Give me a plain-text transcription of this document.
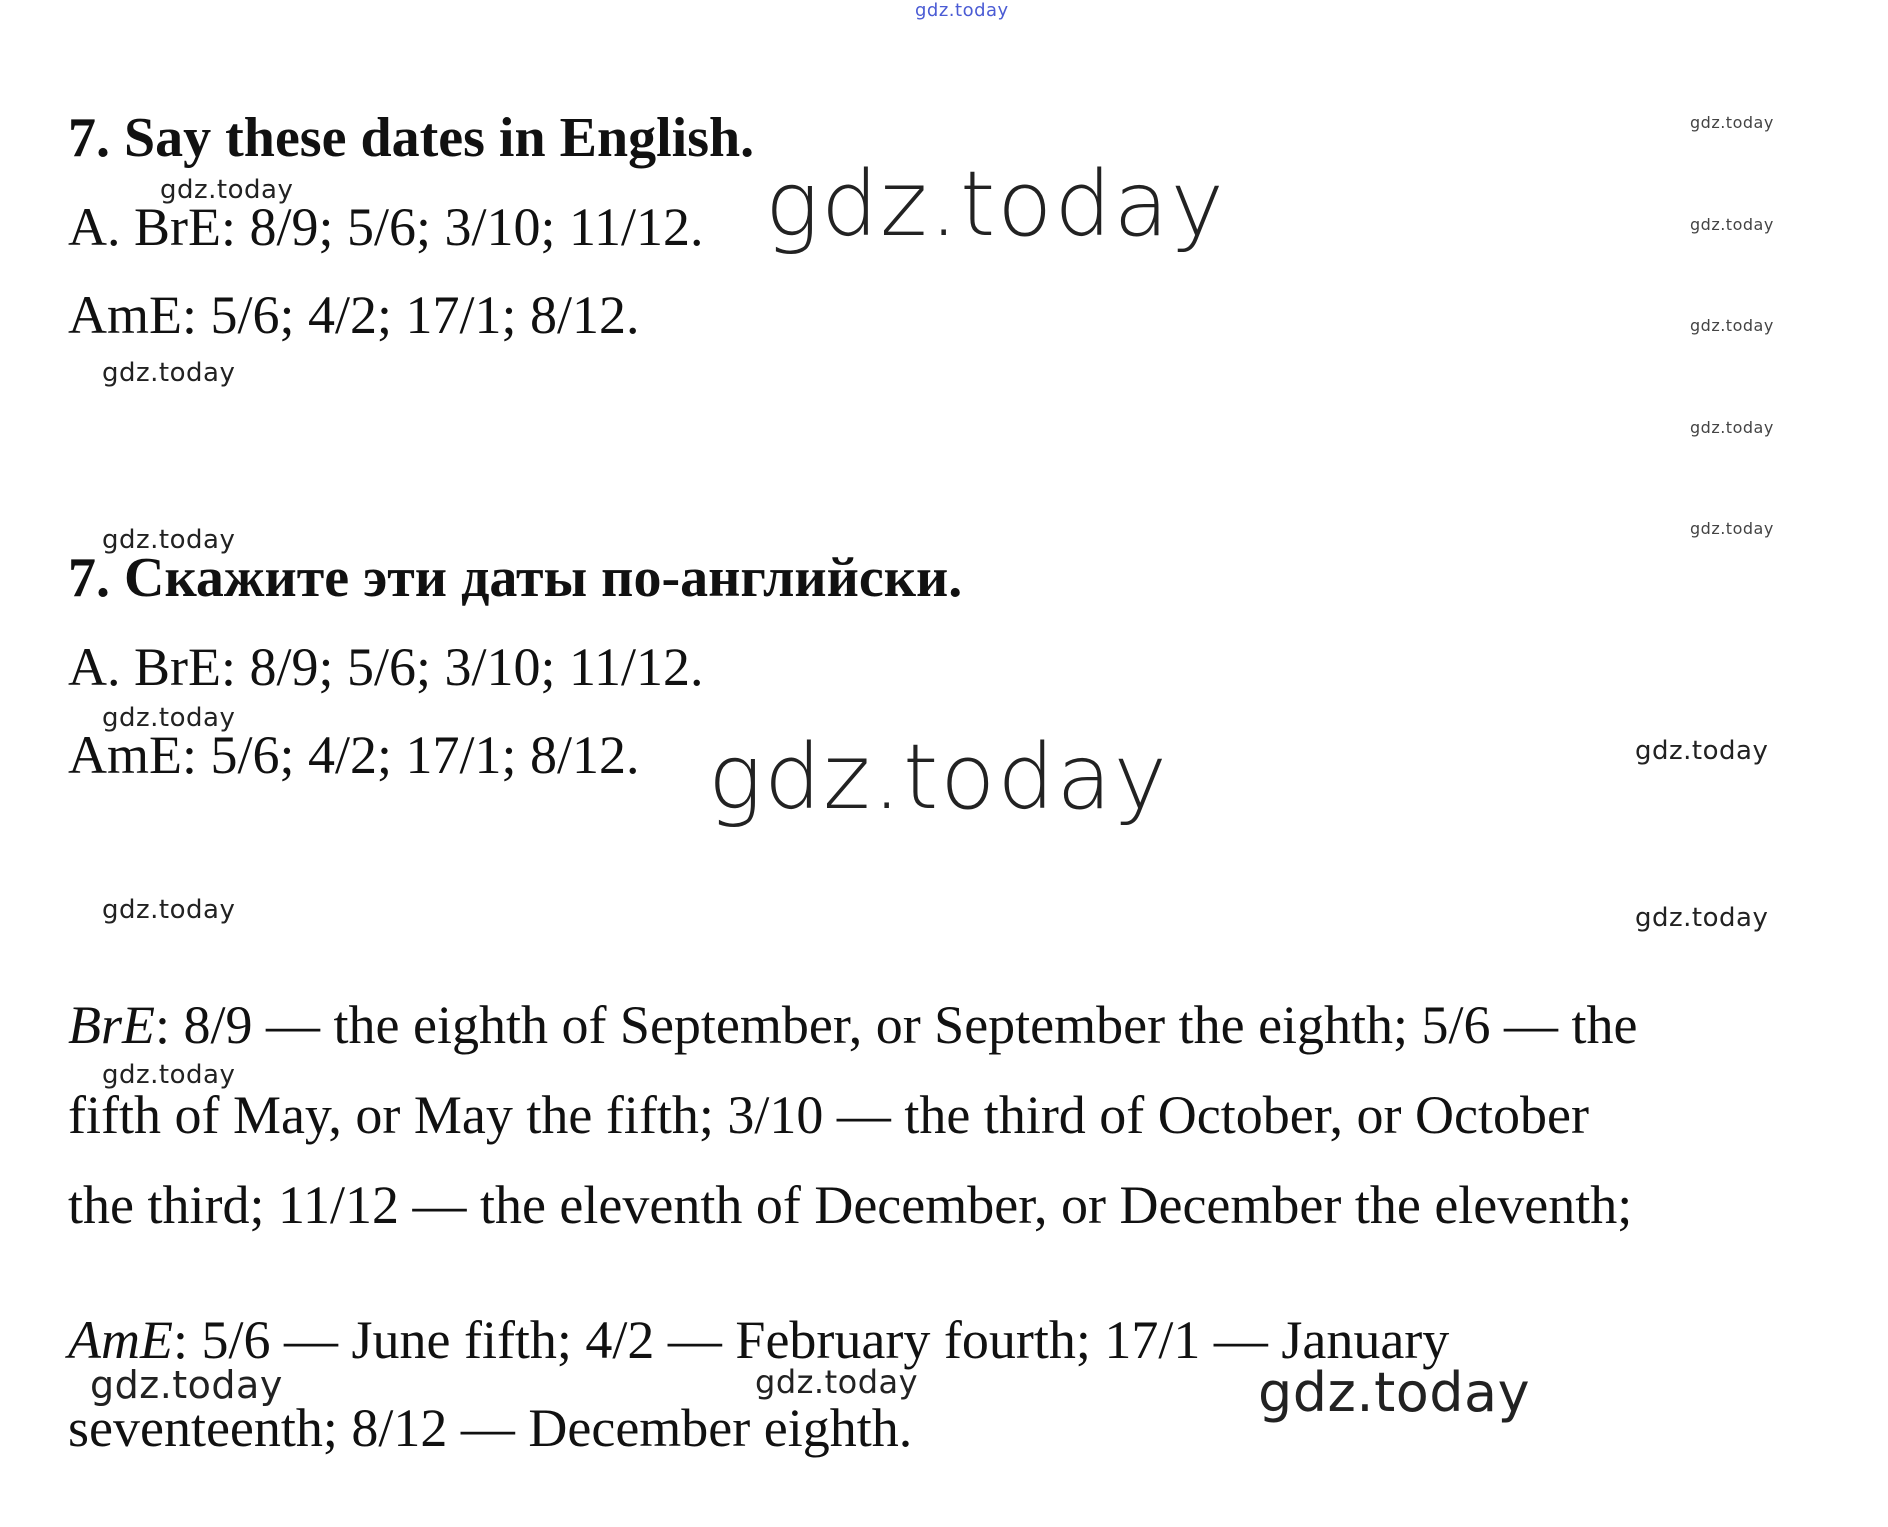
gdz.today
7. Say these dates in English.
A. BrE: 8/9; 5/6; 3/10; 11/12.
AmE: 5/6; 4/2; 17/1; 8/12.
7. Скажите эти даты по-английски.
A. BrE: 8/9; 5/6; 3/10; 11/12.
AmE: 5/6; 4/2; 17/1; 8/12.
BrE: 8/9 — the eighth of September, or September the eighth; 5/6 — the
fifth of May, or May the fifth; 3/10 — the third of October, or October
the third; 11/12 — the eleventh of December, or December the eleventh;
AmE: 5/6 — June fifth; 4/2 — February fourth; 17/1 — January
seventeenth; 8/12 — December eighth.
gdz.today
gdz.today
gdz.today
gdz.today
gdz.today
gdz.today
gdz.today
gdz.today
gdz.today
gdz.today
gdz.today
gdz.today
gdz.today
gdz.today
gdz.today
gdz.today	gdz.today	gdz.today
